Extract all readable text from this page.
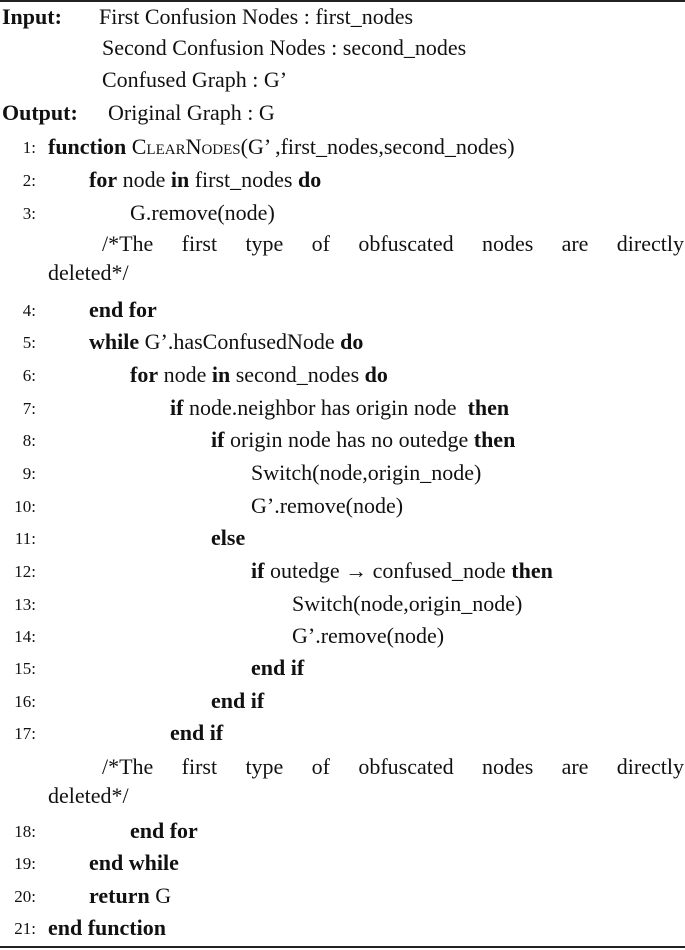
Input: First Confusion Nodes : first_nodes
Second Confusion Nodes : second_nodes
Confused Graph : G’
Output: Original Graph : G
1: function ClearNodes(G’ ,first_nodes,second_nodes)
2: for node in first_nodes do
3:	G.remove(node)
/*The first type of obfuscated nodes are directly
deleted*/
4: end for
5: while G’.hasConfusedNode do
6:	for node in second_nodes do
7:	if node.neighbor has origin node then
8:	if origin node has no outedge then
9:	Switch(node,origin_node)
10:	G’.remove(node)
11:	else
12:	if outedge → confused_node then
13:	Switch(node,origin_node)
14:	G’.remove(node)
15:	end if
16:	end if
17:	end if
/*The first type of obfuscated nodes are directly
deleted*/
18:	end for
19: end while
20: return G
21: end function
